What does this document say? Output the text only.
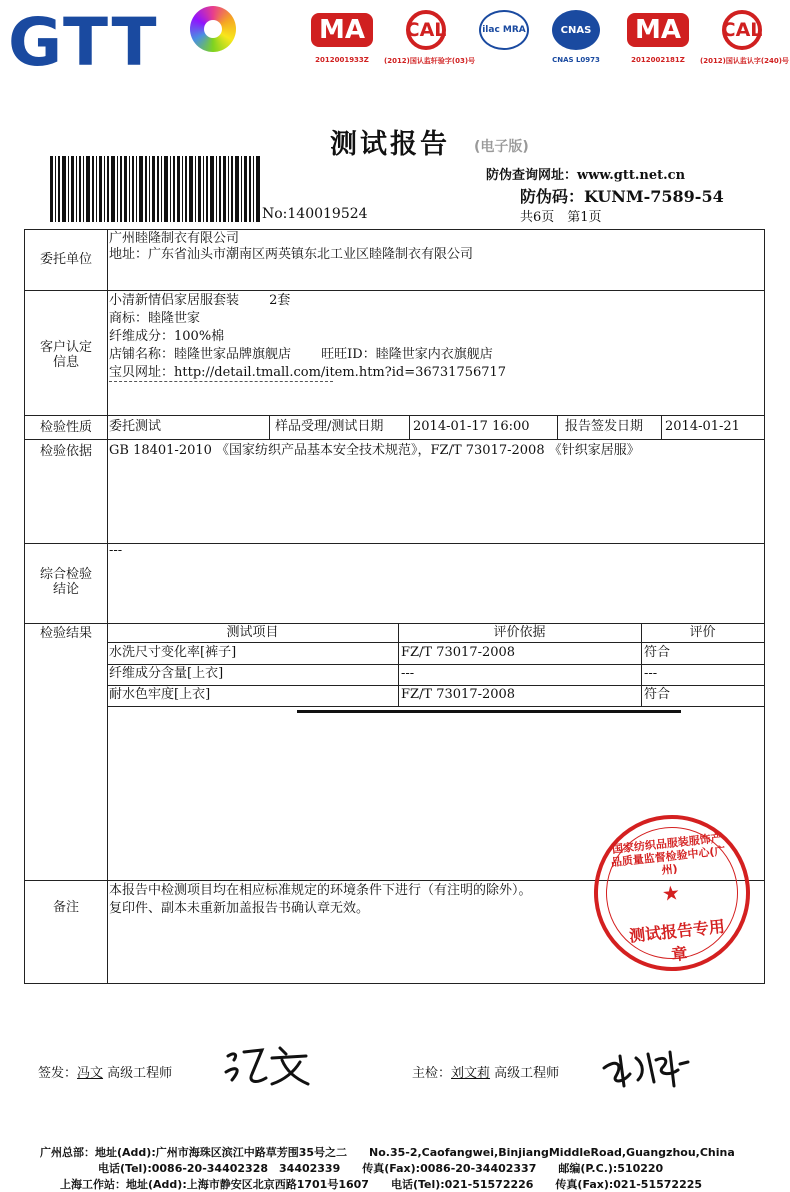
GTT	MA
2012001933Z
CAL
(2012)国认监轩验字(03)号
ilac MRA	CNAS
CNAS L0973
MA
2012002181Z
CAL
(2012)国认监认字(240)号
测试报告 (电子版)
防伪查询网址：www.gtt.net.cn
防伪码：KUNM-7589-54
共6页　第1页
No:140019524
委托单位
广州睦隆制衣有限公司
地址：广东省汕头市潮南区两英镇东北工业区睦隆制衣有限公司
客户认定
信息
小清新情侣家居服套装　　 2套
商标：睦隆世家
纤维成分：100%棉
店铺名称：睦隆世家品牌旗舰店　　 旺旺ID：睦隆世家内衣旗舰店
宝贝网址：http://detail.tmall.com/item.htm?id=36731756717
检验性质	委托测试	样品受理/测试日期 2014-01-17 16:00	报告签发日期 2014-01-21
检验依据	GB 18401-2010 《国家纺织产品基本安全技术规范》，FZ/T 73017-2008 《针织家居服》
综合检验
结论
---
检验结果	测试项目	评价依据	评价
水洗尺寸变化率[裤子]	FZ/T 73017-2008	符合
纤维成分含量[上衣]	---	---
耐水色牢度[上衣]	FZ/T 73017-2008	符合
备注
本报告中检测项目均在相应标准规定的环境条件下进行（有注明的除外）。
复印件、副本未重新加盖报告书确认章无效。
国家纺织品服装服饰产品质量监督检验中心(广州)
★
测试报告专用章
签发：冯文 高级工程师	主检：刘文莉 高级工程师
广州总部：地址(Add):广州市海珠区滨江中路草芳围35号之二　　No.35-2,Caofangwei,BinjiangMiddleRoad,Guangzhou,China
电话(Tel):0086-20-34402328　34402339　　传真(Fax):0086-20-34402337　　邮编(P.C.):510220
上海工作站：地址(Add):上海市静安区北京西路1701号1607　　电话(Tel):021-51572226　　传真(Fax):021-51572225
